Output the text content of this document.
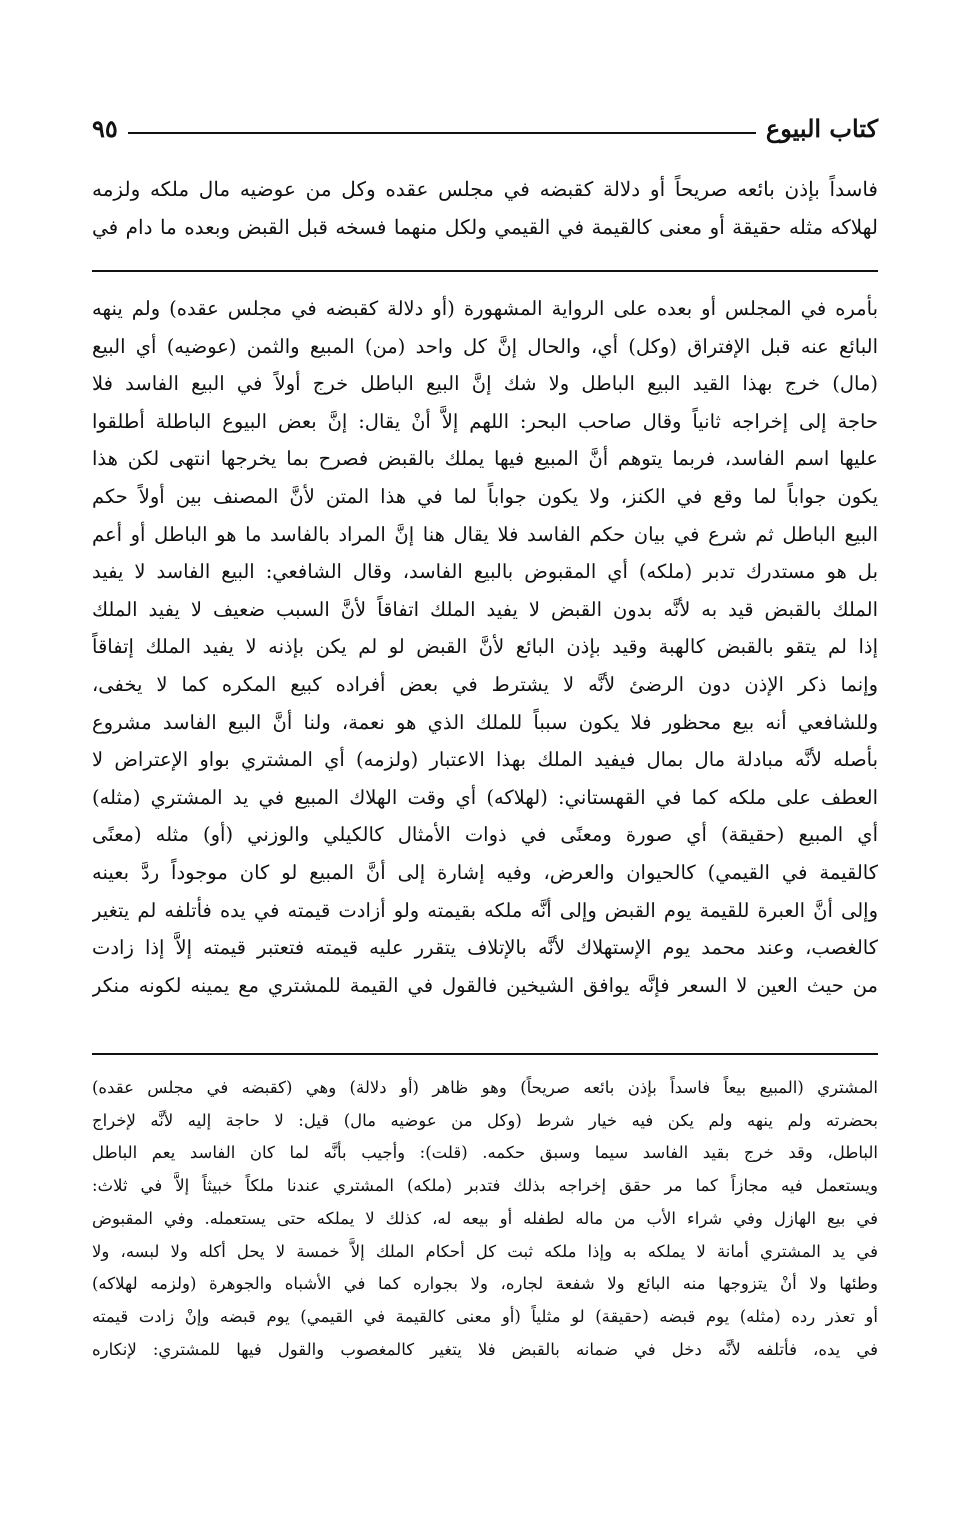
كتاب البيوع
٩٥
فاسداً بإذن بائعه صريحاً أو دلالة كقبضه في مجلس عقده وكل من عوضيه مال ملكه ولزمه
لهلاكه مثله حقيقة أو معنى كالقيمة في القيمي ولكل منهما فسخه قبل القبض وبعده ما دام في
بأمره في المجلس أو بعده على الرواية المشهورة (أو دلالة كقبضه في مجلس عقده) ولم ينهه
البائع عنه قبل الإفتراق (وكل) أي، والحال إنَّ كل واحد (من) المبيع والثمن (عوضيه) أي البيع
(مال) خرج بهذا القيد البيع الباطل ولا شك إنَّ البيع الباطل خرج أولاً في البيع الفاسد فلا
حاجة إلى إخراجه ثانياً وقال صاحب البحر: اللهم إلاَّ أنْ يقال: إنَّ بعض البيوع الباطلة أطلقوا
عليها اسم الفاسد، فربما يتوهم أنَّ المبيع فيها يملك بالقبض فصرح بما يخرجها انتهى لكن هذا
يكون جواباً لما وقع في الكنز، ولا يكون جواباً لما في هذا المتن لأنَّ المصنف بين أولاً حكم
البيع الباطل ثم شرع في بيان حكم الفاسد فلا يقال هنا إنَّ المراد بالفاسد ما هو الباطل أو أعم
بل هو مستدرك تدبر (ملكه) أي المقبوض بالبيع الفاسد، وقال الشافعي: البيع الفاسد لا يفيد
الملك بالقبض قيد به لأنَّه بدون القبض لا يفيد الملك اتفاقاً لأنَّ السبب ضعيف لا يفيد الملك
إذا لم يتقو بالقبض كالهبة وقيد بإذن البائع لأنَّ القبض لو لم يكن بإذنه لا يفيد الملك إتفاقاً
وإنما ذكر الإذن دون الرضئ لأنَّه لا يشترط في بعض أفراده كبيع المكره كما لا يخفى،
وللشافعي أنه بيع محظور فلا يكون سبباً للملك الذي هو نعمة، ولنا أنَّ البيع الفاسد مشروع
بأصله لأنَّه مبادلة مال بمال فيفيد الملك بهذا الاعتبار (ولزمه) أي المشتري بواو الإعتراض لا
العطف على ملكه كما في القهستاني: (لهلاكه) أي وقت الهلاك المبيع في يد المشتري (مثله)
أي المبيع (حقيقة) أي صورة ومعنًى في ذوات الأمثال كالكيلي والوزني (أو) مثله (معنًى
كالقيمة في القيمي) كالحيوان والعرض، وفيه إشارة إلى أنَّ المبيع لو كان موجوداً ردَّ بعينه
وإلى أنَّ العبرة للقيمة يوم القبض وإلى أنَّه ملكه بقيمته ولو أزادت قيمته في يده فأتلفه لم يتغير
كالغصب، وعند محمد يوم الإستهلاك لأنَّه بالإتلاف يتقرر عليه قيمته فتعتبر قيمته إلاَّ إذا زادت
من حيث العين لا السعر فإنَّه يوافق الشيخين فالقول في القيمة للمشتري مع يمينه لكونه منكر
المشتري (المبيع بيعاً فاسداً بإذن بائعه صريحاً) وهو ظاهر (أو دلالة) وهي (كقبضه في مجلس عقده)
بحضرته ولم ينهه ولم يكن فيه خيار شرط (وكل من عوضيه مال) قيل: لا حاجة إليه لأنَّه لإخراج
الباطل، وقد خرج بقيد الفاسد سيما وسبق حكمه. (قلت): وأجيب بأنَّه لما كان الفاسد يعم الباطل
ويستعمل فيه مجازاً كما مر حقق إخراجه بذلك فتدبر (ملكه) المشتري عندنا ملكاً خبيثاً إلاَّ في ثلاث:
في بيع الهازل وفي شراء الأب من ماله لطفله أو بيعه له، كذلك لا يملكه حتى يستعمله. وفي المقبوض
في يد المشتري أمانة لا يملكه به وإذا ملكه ثبت كل أحكام الملك إلاَّ خمسة لا يحل أكله ولا لبسه، ولا
وطئها ولا أنْ يتزوجها منه البائع ولا شفعة لجاره، ولا بجواره كما في الأشباه والجوهرة (ولزمه لهلاكه)
أو تعذر رده (مثله) يوم قبضه (حقيقة) لو مثلياً (أو معنى كالقيمة في القيمي) يوم قبضه وإنْ زادت قيمته
في يده، فأتلفه لأنَّه دخل في ضمانه بالقبض فلا يتغير كالمغصوب والقول فيها للمشتري: لإنكاره
